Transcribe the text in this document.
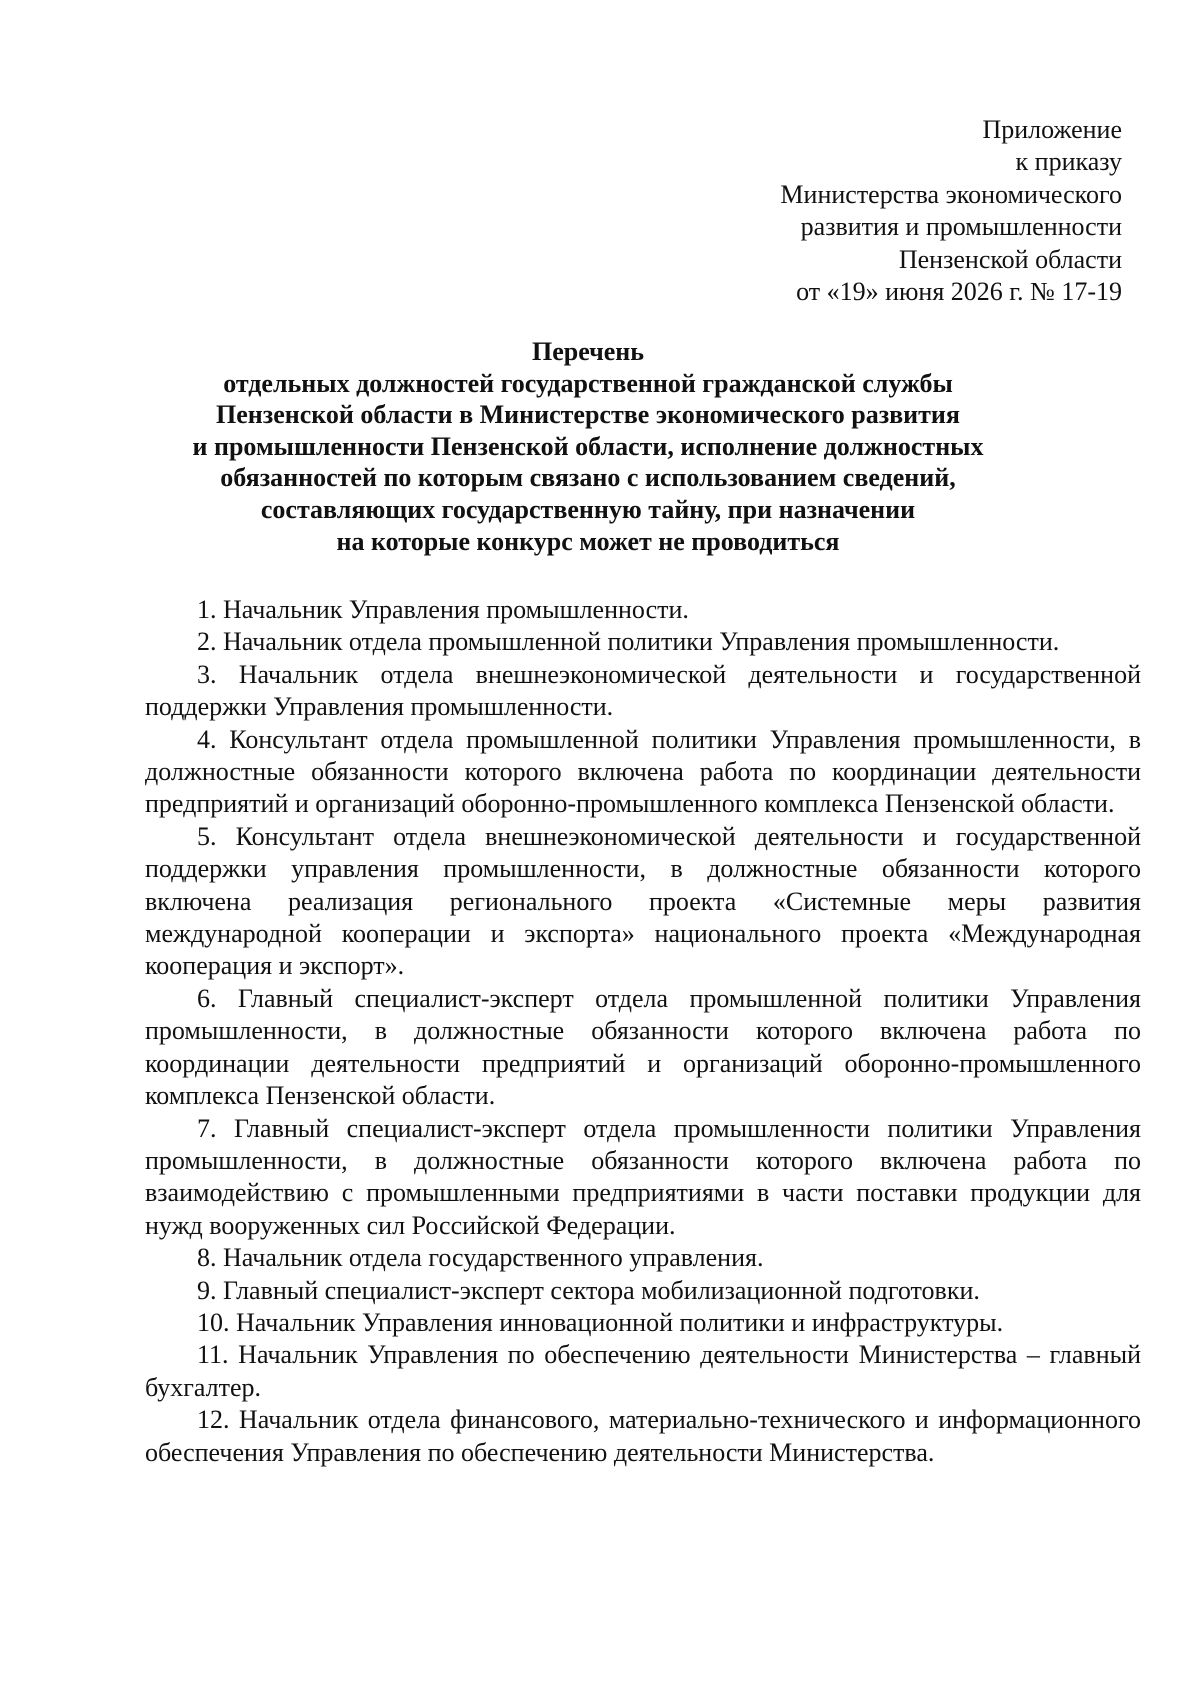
Приложение
к приказу
Министерства экономического
развития и промышленности
Пензенской области
от «19» июня 2026 г. № 17-19
Перечень
отдельных должностей государственной гражданской службы
Пензенской области в Министерстве экономического развития
и промышленности Пензенской области, исполнение должностных
обязанностей по которым связано с использованием сведений,
составляющих государственную тайну, при назначении
на которые конкурс может не проводиться

1. Начальник Управления промышленности.

2. Начальник отдела промышленной политики Управления промышленности.

3. Начальник отдела внешнеэкономической деятельности и государственной поддержки Управления промышленности.

4. Консультант отдела промышленной политики Управления промышленности, в должностные обязанности которого включена работа по координации деятельности предприятий и организаций оборонно-промышленного комплекса Пензенской области.

5. Консультант отдела внешнеэкономической деятельности и государственной поддержки управления промышленности, в должностные обязанности которого включена реализация регионального проекта «Системные меры развития международной кооперации и экспорта» национального проекта «Международная кооперация и экспорт».

6. Главный специалист-эксперт отдела промышленной политики Управления промышленности, в должностные обязанности которого включена работа по координации деятельности предприятий и организаций оборонно-промышленного комплекса Пензенской области.

7. Главный специалист-эксперт отдела промышленности политики Управления промышленности, в должностные обязанности которого включена работа по взаимодействию с промышленными предприятиями в части поставки продукции для нужд вооруженных сил Российской Федерации.

8. Начальник отдела государственного управления.

9. Главный специалист-эксперт сектора мобилизационной подготовки.

10. Начальник Управления инновационной политики и инфраструктуры.

11. Начальник Управления по обеспечению деятельности Министерства – главный бухгалтер.

12. Начальник отдела финансового, материально-технического и информационного обеспечения Управления по обеспечению деятельности Министерства.
